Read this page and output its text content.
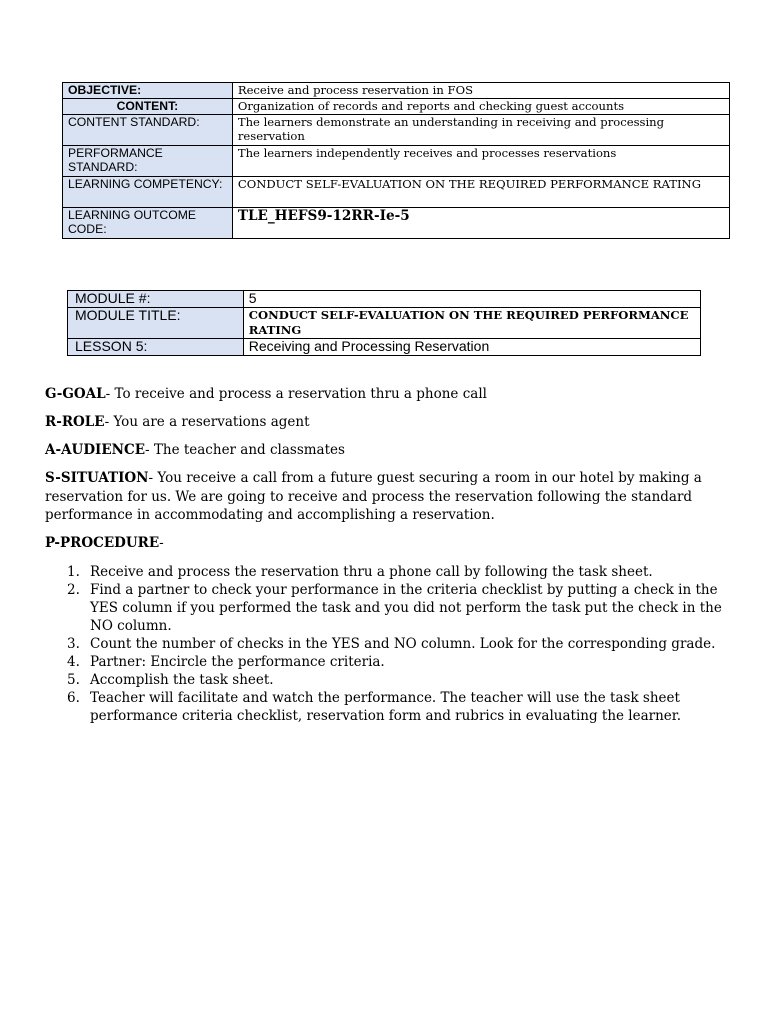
OBJECTIVE:	Receive and process reservation in FOS
CONTENT:	Organization of records and reports and checking guest accounts
CONTENT STANDARD:	The learners demonstrate an understanding in receiving and processing reservation
PERFORMANCE STANDARD:	The learners independently receives and processes reservations
LEARNING COMPETENCY:	CONDUCT SELF-EVALUATION ON THE REQUIRED PERFORMANCE RATING
LEARNING OUTCOME CODE:	TLE_HEFS9-12RR-Ie-5
MODULE #:	5
MODULE TITLE:	CONDUCT SELF-EVALUATION ON THE REQUIRED PERFORMANCE RATING
LESSON 5:	Receiving and Processing Reservation
G-GOAL- To receive and process a reservation thru a phone call
R-ROLE- You are a reservations agent
A-AUDIENCE- The teacher and classmates
S-SITUATION- You receive a call from a future guest securing a room in our hotel by making a reservation for us. We are going to receive and process the reservation following the standard performance in accommodating and accomplishing a reservation.
P-PROCEDURE-
1. Receive and process the reservation thru a phone call by following the task sheet.
2. Find a partner to check your performance in the criteria checklist by putting a check in the YES column if you performed the task and you did not perform the task put the check in the NO column.
3. Count the number of checks in the YES and NO column. Look for the corresponding grade.
4. Partner: Encircle the performance criteria.
5. Accomplish the task sheet.
6. Teacher will facilitate and watch the performance. The teacher will use the task sheet performance criteria checklist, reservation form and rubrics in evaluating the learner.
